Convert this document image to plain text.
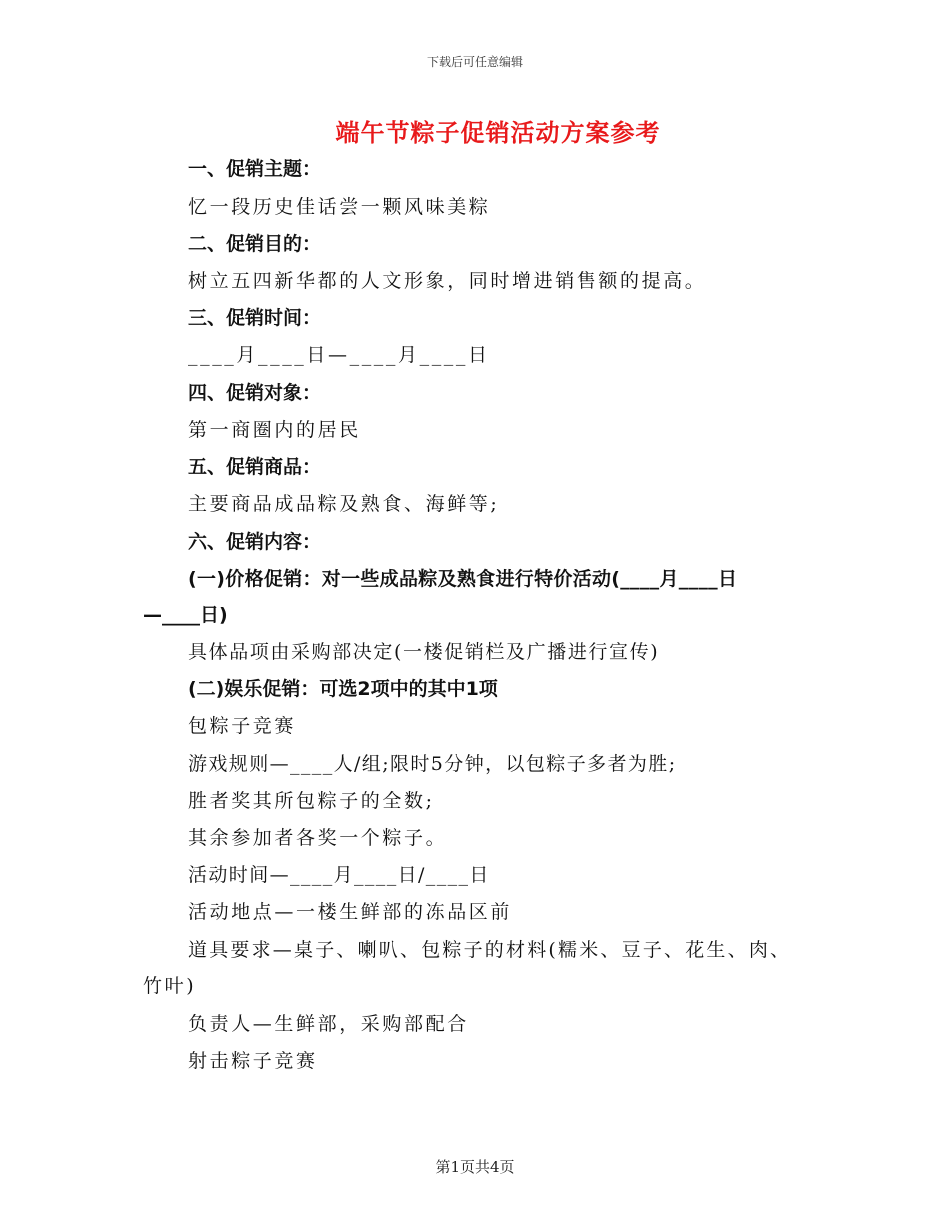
下载后可任意编辑
端午节粽子促销活动方案参考
一、促销主题：
忆一段历史佳话尝一颗风味美粽
二、促销目的：
树立五四新华都的人文形象，同时增进销售额的提高。
三、促销时间：
____月____日—____月____日
四、促销对象：
第一商圈内的居民
五、促销商品：
主要商品成品粽及熟食、海鲜等;
六、促销内容：
(一)价格促销：对一些成品粽及熟食进行特价活动(____月____日
—____日)
具体品项由采购部决定(一楼促销栏及广播进行宣传)
(二)娱乐促销：可选2项中的其中1项
包粽子竞赛
游戏规则—____人/组;限时5分钟，以包粽子多者为胜;
胜者奖其所包粽子的全数;
其余参加者各奖一个粽子。
活动时间—____月____日/____日
活动地点—一楼生鲜部的冻品区前
道具要求—桌子、喇叭、包粽子的材料(糯米、豆子、花生、肉、
竹叶)
负责人—生鲜部，采购部配合
射击粽子竞赛
第1页共4页
